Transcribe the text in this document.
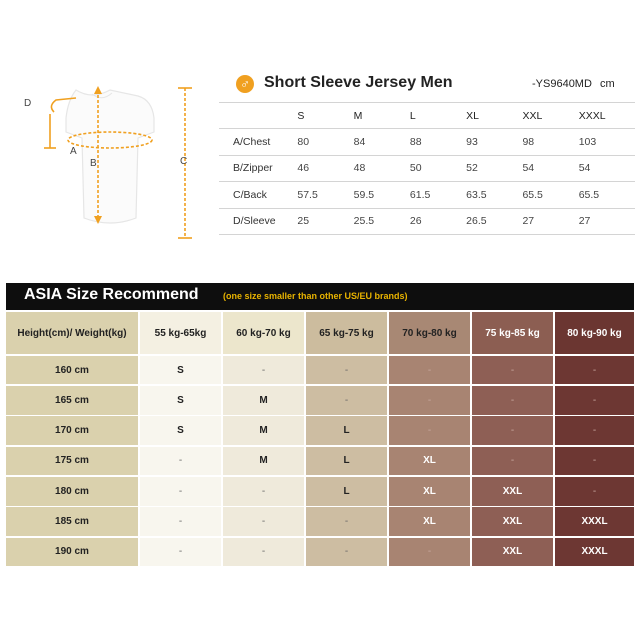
D
A
B	C
♂ Short Sleeve Jersey Men	-YS9640MD cm
	S	M	L	XL	XXL	XXXL
A/Chest	80	84	88	93	98	103
B/Zipper	46	48	50	52	54	54
C/Back	57.5	59.5	61.5	63.5	65.5	65.5
D/Sleeve	25	25.5	26	26.5	27	27
ASIA Size Recommend	(one size smaller than other US/EU brands)
Height(cm)/ Weight(kg)	55 kg-65kg	60 kg-70 kg	65 kg-75 kg	70 kg-80 kg	75 kg-85 kg	80 kg-90 kg
160 cm	S	-	-	-	-	-
165 cm	S	M	-	-	-	-
170 cm	S	M	L	-	-	-
175 cm	-	M	L	XL	-	-
180 cm	-	-	L	XL	XXL	-
185 cm	-	-	-	XL	XXL	XXXL
190 cm	-	-	-	-	XXL	XXXL
